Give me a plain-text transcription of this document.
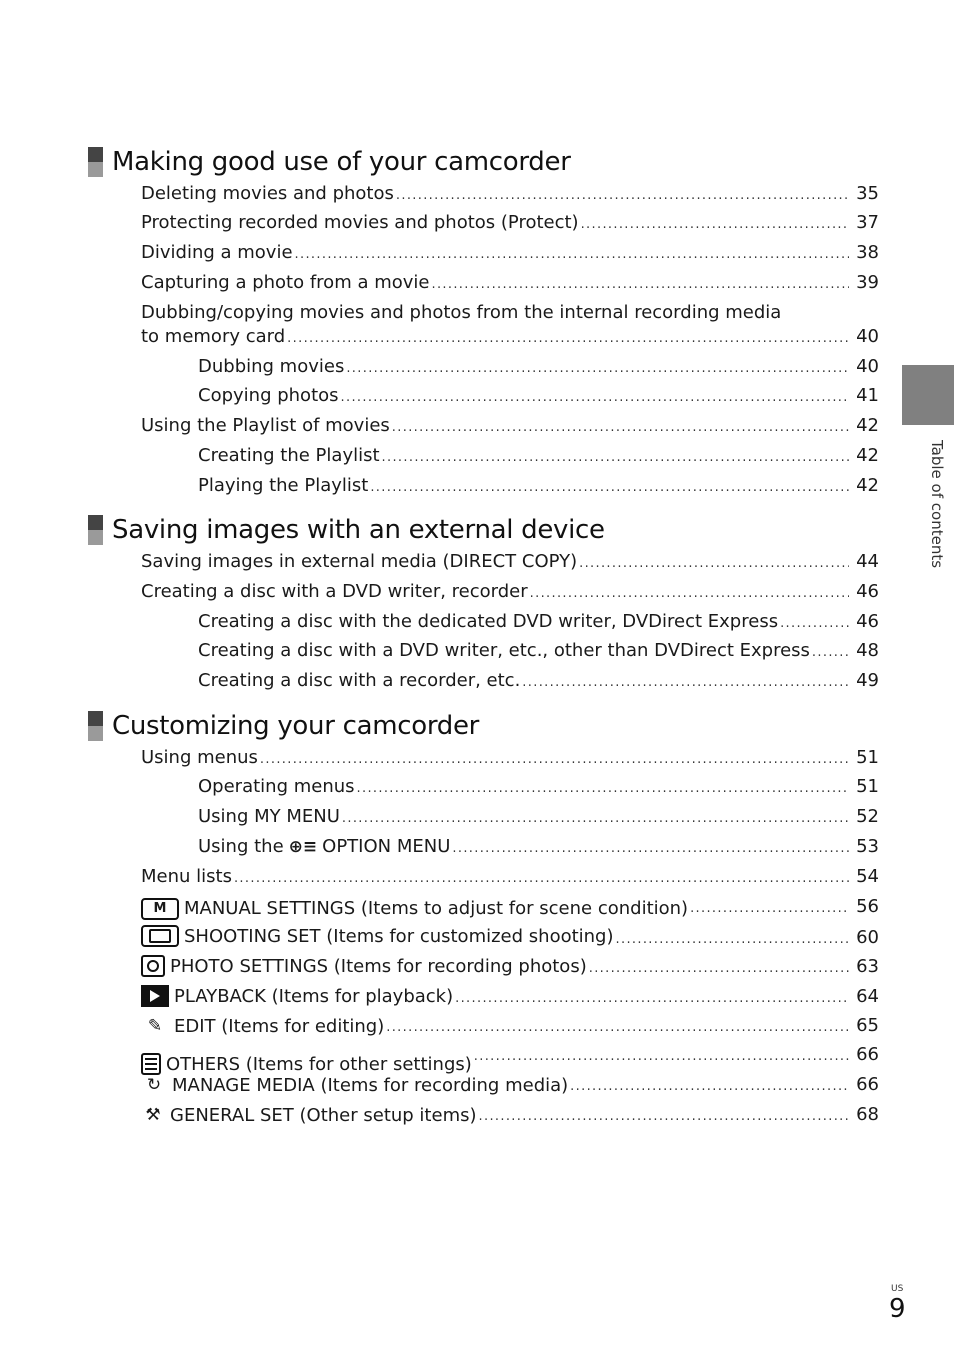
Making good use of your camcorder
Deleting movies and photos . . .	35
Protecting recorded movies and photos (Protect) . . .	37
Dividing a movie . . .	38
Capturing a photo from a movie . . .	39
Dubbing/copying movies and photos from the internal recording media
to memory card . . .	40
Dubbing movies . . .	40
Copying photos . . .	41
Using the Playlist of movies . . .	42
Creating the Playlist . . .	42
Playing the Playlist . . .	42
Saving images with an external device
Saving images in external media (DIRECT COPY) . . .	44
Creating a disc with a DVD writer, recorder . . .	46
Creating a disc with the dedicated DVD writer, DVDirect Express . . .	46
Creating a disc with a DVD writer, etc., other than DVDirect Express . . .	48
Creating a disc with a recorder, etc. . . .	49
Customizing your camcorder
Using menus . . .	51
Operating menus . . .	51
Using MY MENU . . .	52
Using the ⊕≡ OPTION MENU . . .	53
Menu lists . . .	54
M MANUAL SETTINGS (Items to adjust for scene condition) . . .	56
SHOOTING SET (Items for customized shooting) . . .	60
PHOTO SETTINGS (Items for recording photos) . . .	63
PLAYBACK (Items for playback) . . .	64
✎ EDIT (Items for editing) . . .	65
OTHERS (Items for other settings) . . .	66
↻ MANAGE MEDIA (Items for recording media) . . .	66
⚒ GENERAL SET (Other setup items) . . .	68
Table of contents
US
9
